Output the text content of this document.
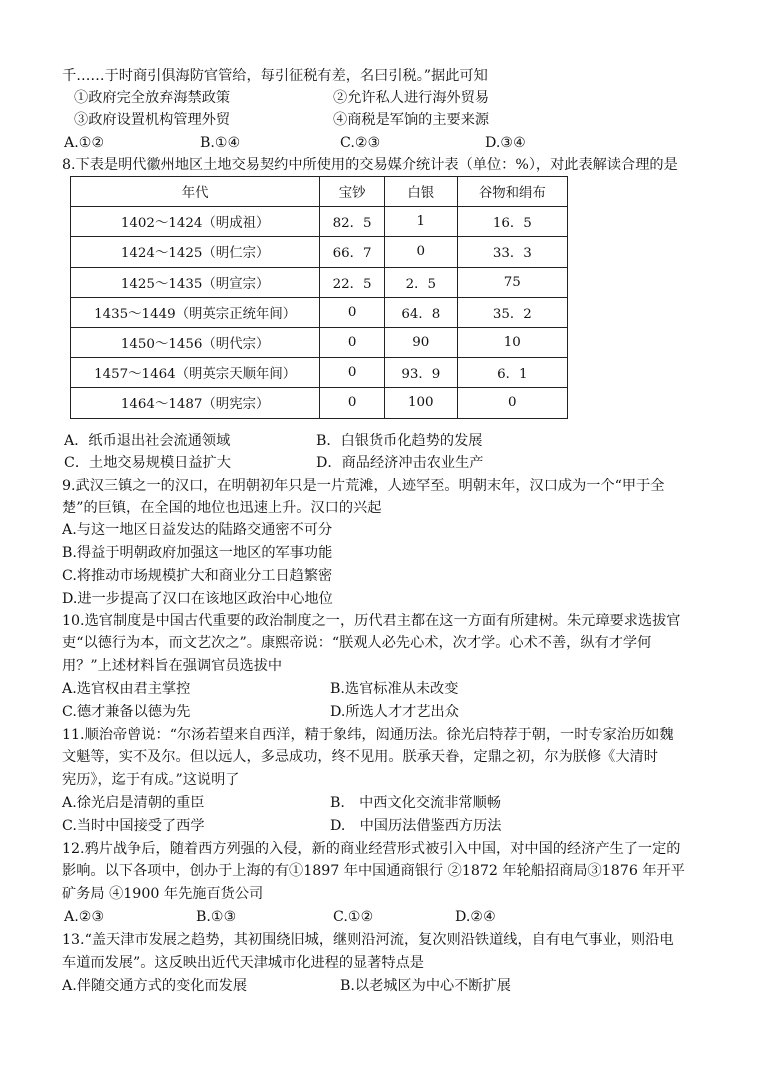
千……于时商引俱海防官管给，每引征税有差，名曰引税。”据此可知
①政府完全放弃海禁政策	②允许私人进行海外贸易
③政府设置机构管理外贸	④商税是军饷的主要来源
A.①②	B.①④	C.②③	D.③④
8.下表是明代徽州地区土地交易契约中所使用的交易媒介统计表（单位：%），对此表解读合理的是
年代	宝钞	白银	谷物和绢布
1402～1424（明成祖）	82．5	1	16．5
1424～1425（明仁宗）	66．7	0	33．3
1425～1435（明宣宗）	22．5	2．5	75
1435～1449（明英宗正统年间）	0	64．8	35．2
1450～1456（明代宗）	0	90	10
1457～1464（明英宗天顺年间）	0	93．9	6．1
1464～1487（明宪宗）	0	100	0
A．纸币退出社会流通领域	B．白银货币化趋势的发展
C．土地交易规模日益扩大	D．商品经济冲击农业生产
9.武汉三镇之一的汉口，在明朝初年只是一片荒滩，人迹罕至。明朝末年，汉口成为一个“甲于全
楚”的巨镇，在全国的地位也迅速上升。汉口的兴起
A.与这一地区日益发达的陆路交通密不可分
B.得益于明朝政府加强这一地区的军事功能
C.将推动市场规模扩大和商业分工日趋繁密
D.进一步提高了汉口在该地区政治中心地位
10.选官制度是中国古代重要的政治制度之一，历代君主都在这一方面有所建树。朱元璋要求选拔官
吏“以德行为本，而文艺次之”。康熙帝说：“朕观人必先心术，次才学。心术不善，纵有才学何
用？”上述材料旨在强调官员选拔中
A.选官权由君主掌控	B.选官标准从未改变
C.德才兼备以德为先	D.所选人才才艺出众
11.顺治帝曾说：“尔汤若望来自西洋，精于象纬，闳通历法。徐光启特荐于朝，一时专家治历如魏
文魁等，实不及尔。但以远人，多忌成功，终不见用。朕承天眷，定鼎之初，尔为朕修《大清时
宪历》，迄于有成。”这说明了
A.徐光启是清朝的重臣	B.　中西文化交流非常顺畅
C.当时中国接受了西学	D.　中国历法借鉴西方历法
12.鸦片战争后，随着西方列强的入侵，新的商业经营形式被引入中国，对中国的经济产生了一定的
影响。以下各项中，创办于上海的有①1897 年中国通商银行 ②1872 年轮船招商局③1876 年开平
矿务局 ④1900 年先施百货公司
A.②③	B.①③	C.①②	D.②④
13.“盖天津市发展之趋势，其初围绕旧城，继则沿河流，复次则沿铁道线，自有电气事业，则沿电
车道而发展”。这反映出近代天津城市化进程的显著特点是
A.伴随交通方式的变化而发展	B.以老城区为中心不断扩展
